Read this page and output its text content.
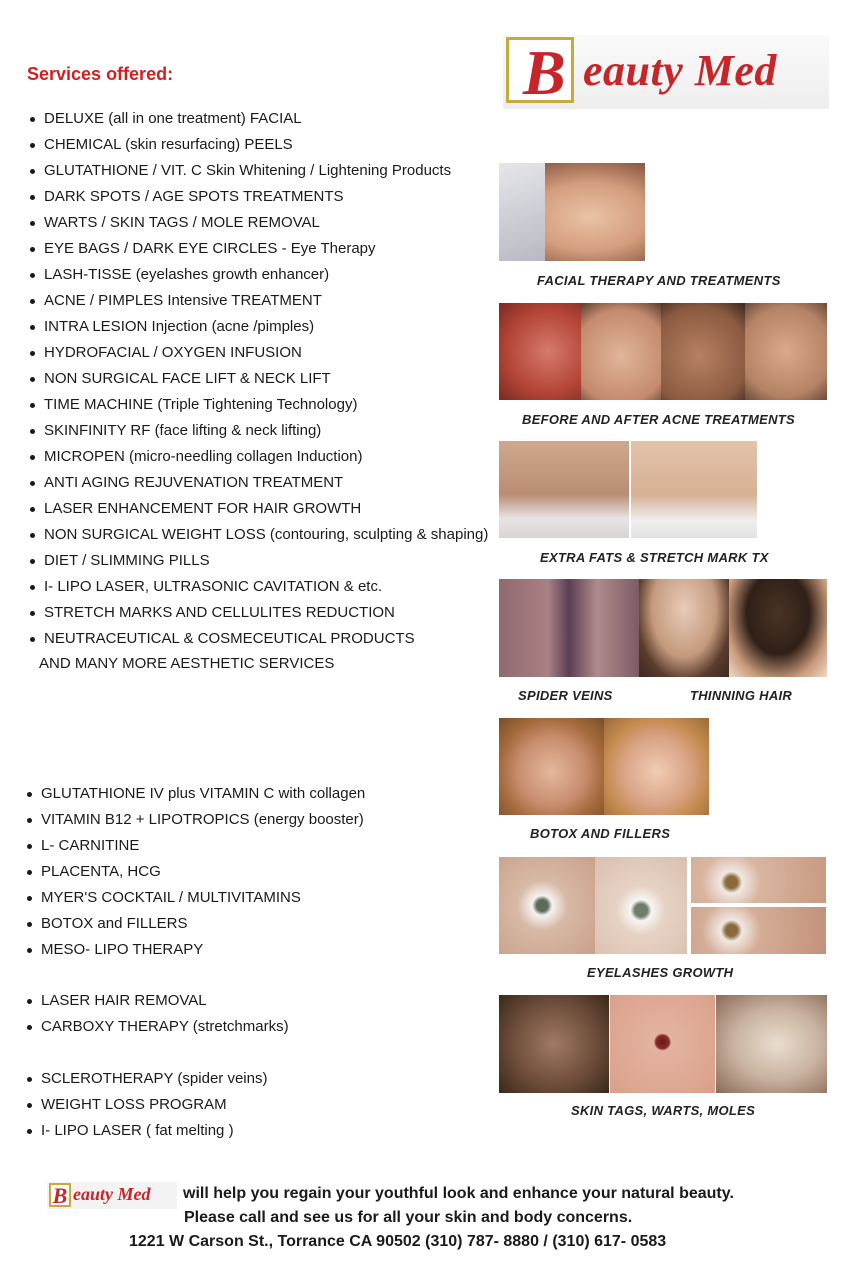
Services offered:	B eauty Med
DELUXE (all in one treatment) FACIAL
CHEMICAL (skin resurfacing) PEELS
GLUTATHIONE / VIT. C Skin Whitening / Lightening Products
DARK SPOTS / AGE SPOTS TREATMENTS
WARTS / SKIN TAGS / MOLE REMOVAL
EYE BAGS / DARK EYE CIRCLES - Eye Therapy
LASH-TISSE (eyelashes growth enhancer)
ACNE / PIMPLES Intensive TREATMENT
INTRA LESION Injection (acne /pimples)
HYDROFACIAL / OXYGEN INFUSION
NON SURGICAL FACE LIFT & NECK LIFT
TIME MACHINE (Triple Tightening Technology)
SKINFINITY RF (face lifting & neck lifting)
MICROPEN (micro-needling collagen Induction)
ANTI AGING REJUVENATION TREATMENT
LASER ENHANCEMENT FOR HAIR GROWTH
NON SURGICAL WEIGHT LOSS (contouring, sculpting & shaping)
DIET / SLIMMING PILLS
I- LIPO LASER, ULTRASONIC CAVITATION & etc.
STRETCH MARKS AND CELLULITES REDUCTION
NEUTRACEUTICAL & COSMECEUTICAL PRODUCTS
AND MANY MORE AESTHETIC SERVICES
GLUTATHIONE IV plus VITAMIN C with collagen
VITAMIN B12 + LIPOTROPICS (energy booster)
L- CARNITINE
PLACENTA, HCG
MYER'S COCKTAIL / MULTIVITAMINS
BOTOX and FILLERS
MESO- LIPO THERAPY
LASER HAIR REMOVAL
CARBOXY THERAPY (stretchmarks)
SCLEROTHERAPY (spider veins)
WEIGHT LOSS PROGRAM
I- LIPO LASER ( fat melting )
FACIAL THERAPY AND TREATMENTS
BEFORE AND AFTER ACNE TREATMENTS
EXTRA FATS & STRETCH MARK TX
SPIDER VEINS	THINNING HAIR
BOTOX AND FILLERS
EYELASHES GROWTH
SKIN TAGS, WARTS, MOLES
B eauty Med will help you regain your youthful look and enhance your natural beauty.
Please call and see us for all your skin and body concerns.
1221 W Carson St., Torrance CA 90502 (310) 787- 8880 / (310) 617- 0583
